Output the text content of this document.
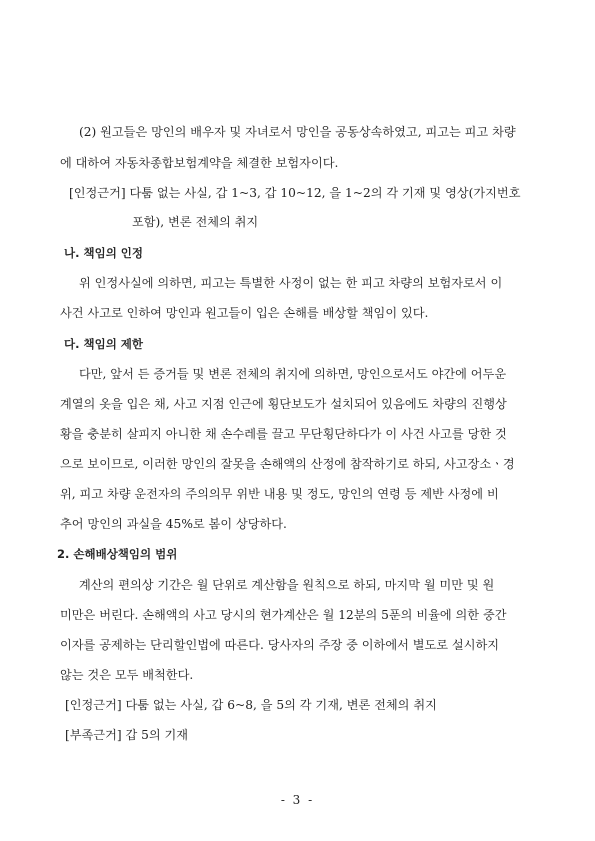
(2) 원고들은 망인의 배우자 및 자녀로서 망인을 공동상속하였고, 피고는 피고 차량
에 대하여 자동차종합보험계약을 체결한 보험자이다.
[인정근거] 다툼 없는 사실, 갑 1~3, 갑 10~12, 을 1~2의 각 기재 및 영상(가지번호
포함), 변론 전체의 취지
나. 책임의 인정
위 인정사실에 의하면, 피고는 특별한 사정이 없는 한 피고 차량의 보험자로서 이
사건 사고로 인하여 망인과 원고들이 입은 손해를 배상할 책임이 있다.
다. 책임의 제한
다만, 앞서 든 증거들 및 변론 전체의 취지에 의하면, 망인으로서도 야간에 어두운
계열의 옷을 입은 채, 사고 지점 인근에 횡단보도가 설치되어 있음에도 차량의 진행상
황을 충분히 살피지 아니한 채 손수레를 끌고 무단횡단하다가 이 사건 사고를 당한 것
으로 보이므로, 이러한 망인의 잘못을 손해액의 산정에 참작하기로 하되, 사고장소ㆍ경
위, 피고 차량 운전자의 주의의무 위반 내용 및 정도, 망인의 연령 등 제반 사정에 비
추어 망인의 과실을 45%로 봄이 상당하다.
2. 손해배상책임의 범위
계산의 편의상 기간은 월 단위로 계산함을 원칙으로 하되, 마지막 월 미만 및 원
미만은 버린다. 손해액의 사고 당시의 현가계산은 월 12분의 5푼의 비율에 의한 중간
이자를 공제하는 단리할인법에 따른다. 당사자의 주장 중 이하에서 별도로 설시하지
않는 것은 모두 배척한다.
[인정근거] 다툼 없는 사실, 갑 6~8, 을 5의 각 기재, 변론 전체의 취지
[부족근거] 갑 5의 기재
- 3 -
